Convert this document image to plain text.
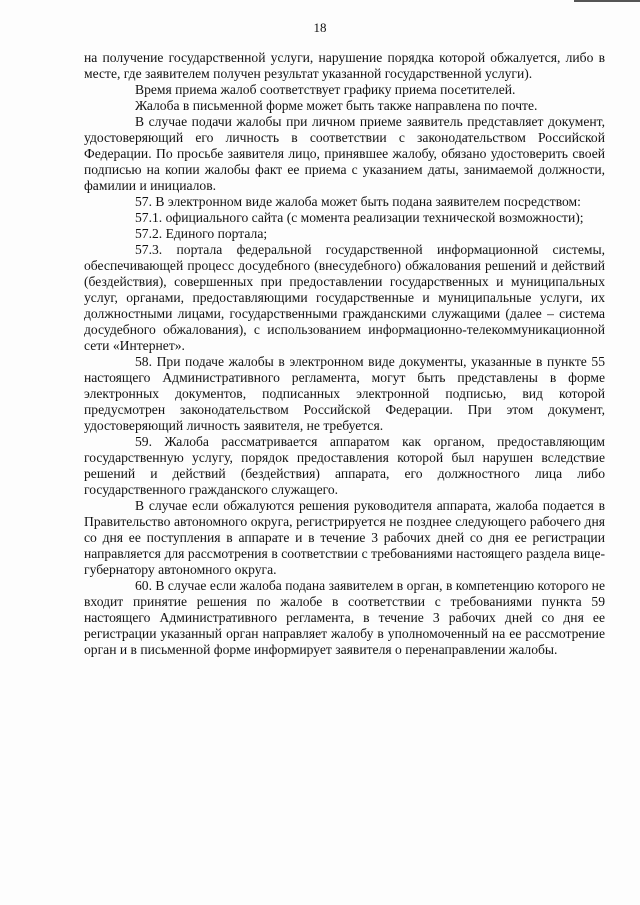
18

на получение государственной услуги, нарушение порядка которой обжалуется, либо в месте, где заявителем получен результат указанной государственной услуги).

Время приема жалоб соответствует графику приема посетителей.

Жалоба в письменной форме может быть также направлена по почте.

В случае подачи жалобы при личном приеме заявитель представляет документ, удостоверяющий его личность в соответствии с законодательством Российской Федерации. По просьбе заявителя лицо, принявшее жалобу, обязано удостоверить своей подписью на копии жалобы факт ее приема с указанием даты, занимаемой должности, фамилии и инициалов.

57. В электронном виде жалоба может быть подана заявителем посредством:

57.1. официального сайта (с момента реализации технической возможности);

57.2. Единого портала;

57.3. портала федеральной государственной информационной системы, обеспечивающей процесс досудебного (внесудебного) обжалования решений и действий (бездействия), совершенных при предоставлении государственных и муниципальных услуг, органами, предоставляющими государственные и муниципальные услуги, их должностными лицами, государственными гражданскими служащими (далее – система досудебного обжалования), с использованием информационно-телекоммуникационной сети «Интернет».

58. При подаче жалобы в электронном виде документы, указанные в пункте 55 настоящего Административного регламента, могут быть представлены в форме электронных документов, подписанных электронной подписью, вид которой предусмотрен законодательством Российской Федерации. При этом документ, удостоверяющий личность заявителя, не требуется.

59. Жалоба рассматривается аппаратом как органом, предоставляющим государственную услугу, порядок предоставления которой был нарушен вследствие решений и действий (бездействия) аппарата, его должностного лица либо государственного гражданского служащего.

В случае если обжалуются решения руководителя аппарата, жалоба подается в Правительство автономного округа, регистрируется не позднее следующего рабочего дня со дня ее поступления в аппарате и в течение 3 рабочих дней со дня ее регистрации направляется для рассмотрения в соответствии с требованиями настоящего раздела вице-губернатору автономного округа.

60. В случае если жалоба подана заявителем в орган, в компетенцию которого не входит принятие решения по жалобе в соответствии с требованиями пункта 59 настоящего Административного регламента, в течение 3 рабочих дней со дня ее регистрации указанный орган направляет жалобу в уполномоченный на ее рассмотрение орган и в письменной форме информирует заявителя о перенаправлении жалобы.
